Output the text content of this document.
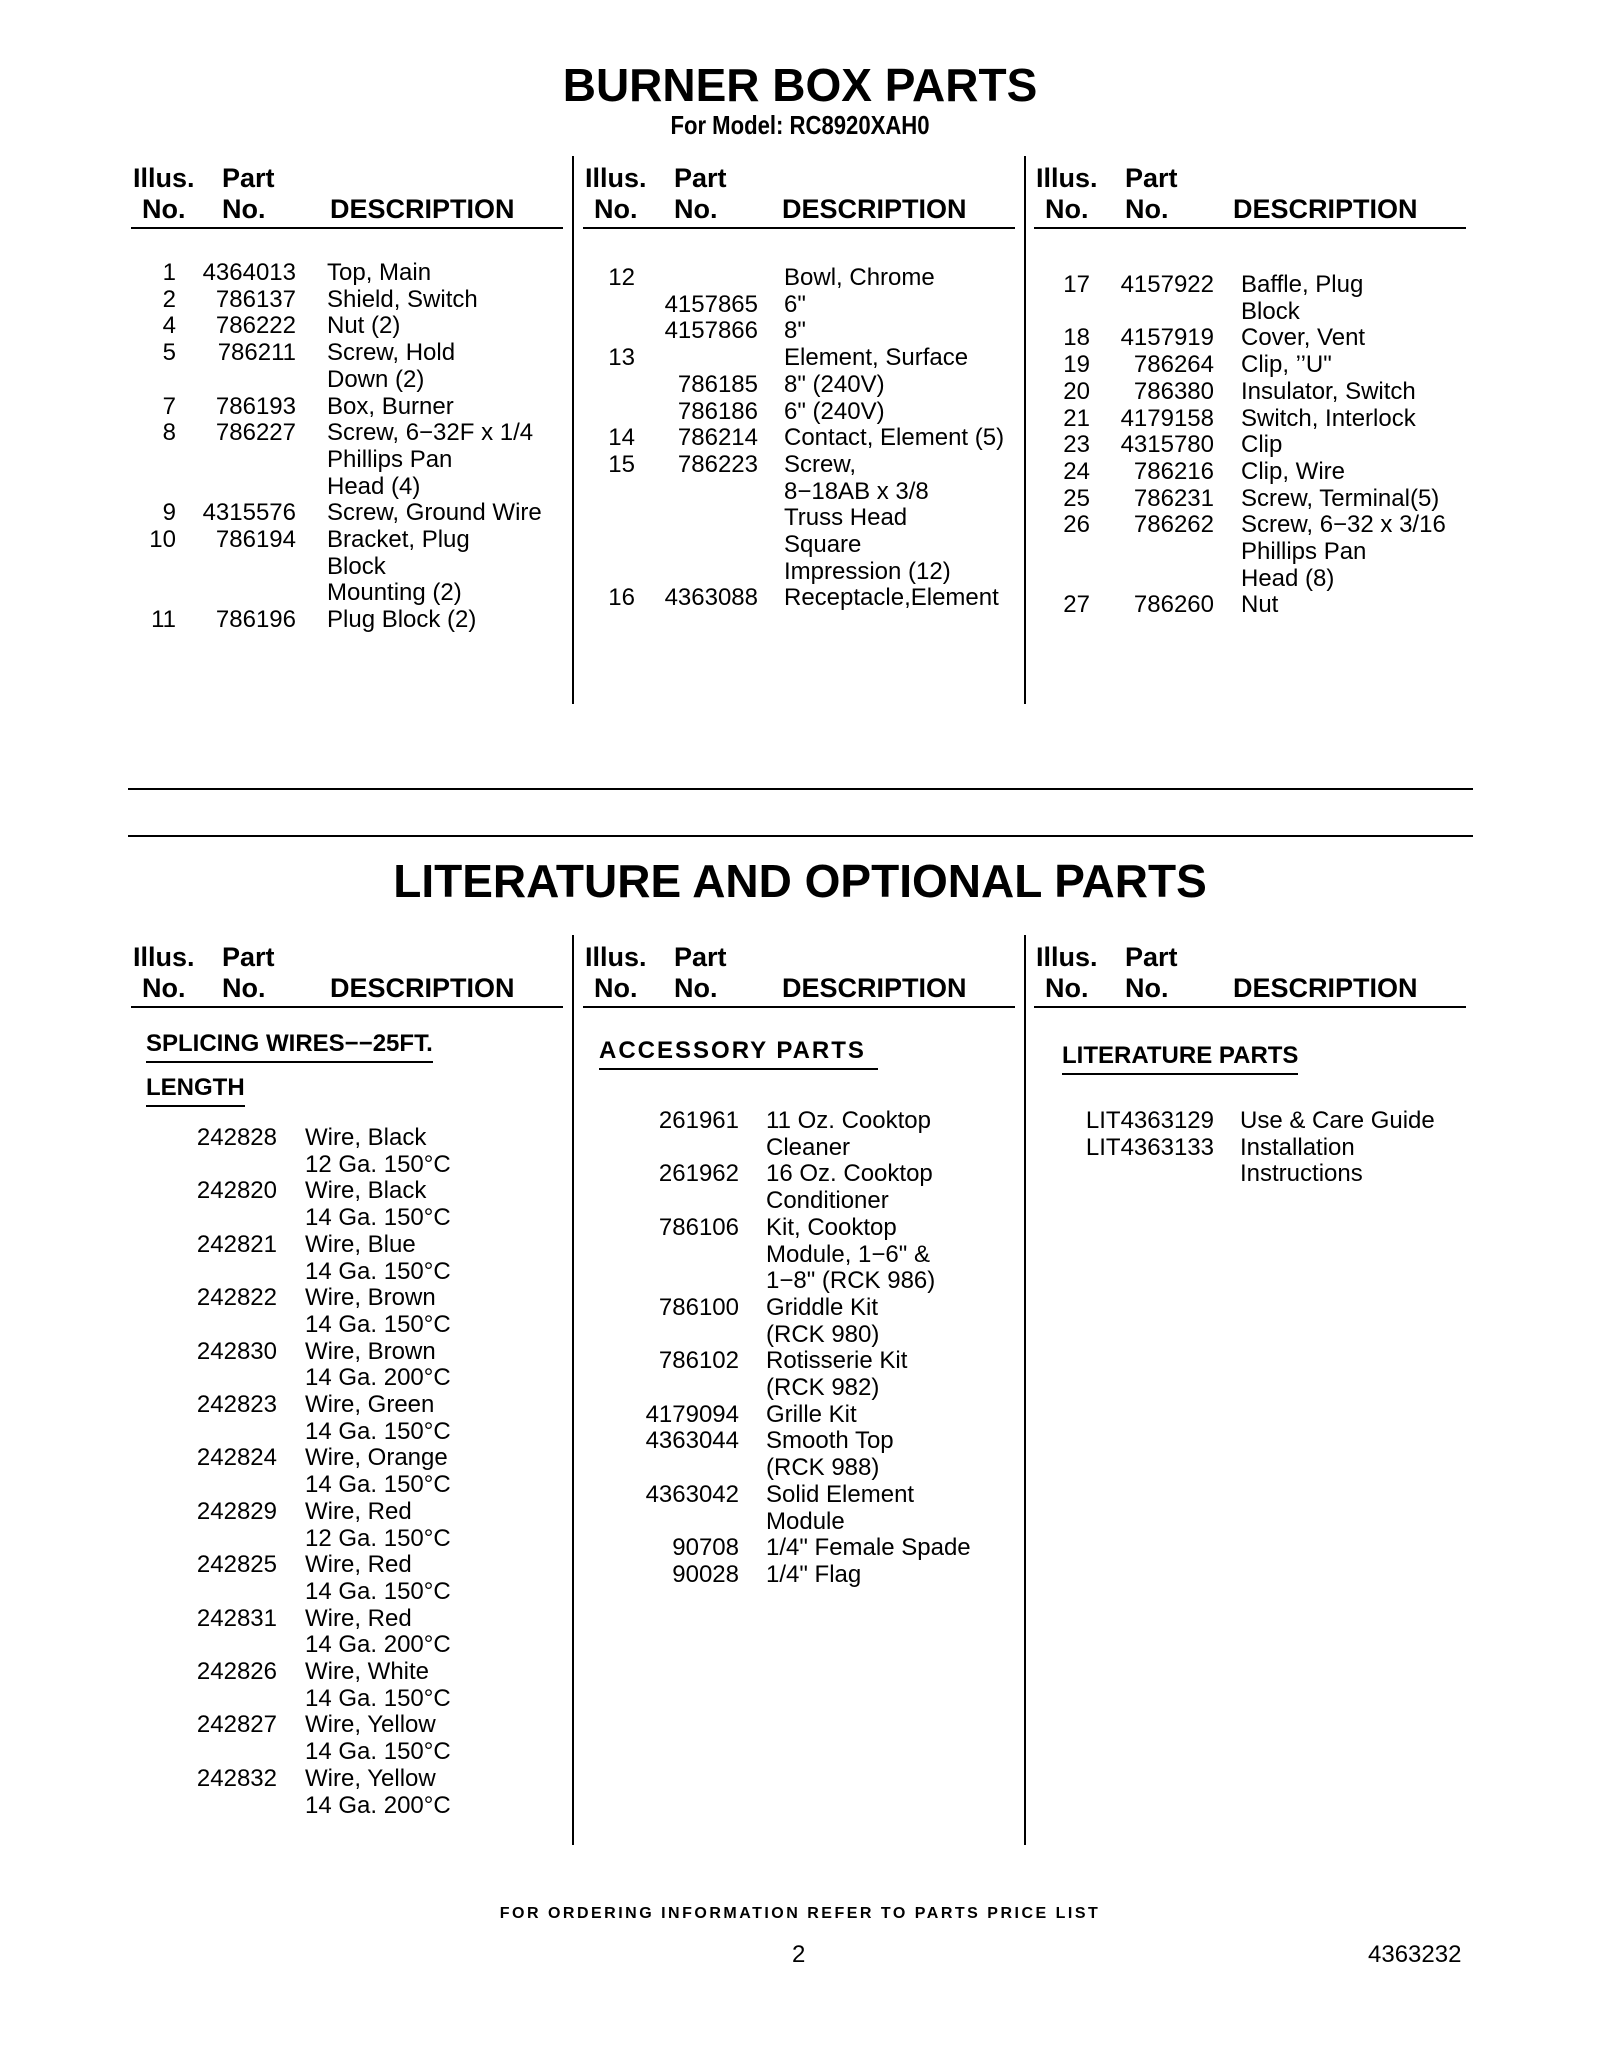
BURNER BOX PARTS
For Model: RC8920XAH0
Illus. Part
No. No. DESCRIPTION
Illus. Part
No. No. DESCRIPTION
Illus. Part
No. No. DESCRIPTION
1 4364013 Top, Main
2 786137 Shield, Switch
4 786222 Nut (2)
5 786211 Screw, Hold
Down (2)
7 786193 Box, Burner
8 786227 Screw, 6−32F x 1/4
Phillips Pan
Head (4)
9 4315576 Screw, Ground Wire
10 786194 Bracket, Plug
Block
Mounting (2)
11 786196 Plug Block (2)
12	Bowl, Chrome
4157865 6"
4157866 8"
13	Element, Surface
786185 8" (240V)
786186 6" (240V)
14 786214 Contact, Element (5)
15 786223 Screw,
8−18AB x 3/8
Truss Head
Square
Impression (12)
16 4363088 Receptacle,Element
17 4157922 Baffle, Plug
Block
18 4157919 Cover, Vent
19 786264 Clip, ’’U"
20 786380 Insulator, Switch
21 4179158 Switch, Interlock
23 4315780 Clip
24 786216 Clip, Wire
25 786231 Screw, Terminal(5)
26 786262 Screw, 6−32 x 3/16
Phillips Pan
Head (8)
27 786260 Nut
LITERATURE AND OPTIONAL PARTS
Illus. Part
No. No. DESCRIPTION
Illus. Part
No. No. DESCRIPTION
Illus. Part
No. No. DESCRIPTION
SPLICING WIRES−−25FT.
LENGTH
ACCESSORY PARTS	LITERATURE PARTS
242828 Wire, Black
12 Ga. 150°C
242820 Wire, Black
14 Ga. 150°C
242821 Wire, Blue
14 Ga. 150°C
242822 Wire, Brown
14 Ga. 150°C
242830 Wire, Brown
14 Ga. 200°C
242823 Wire, Green
14 Ga. 150°C
242824 Wire, Orange
14 Ga. 150°C
242829 Wire, Red
12 Ga. 150°C
242825 Wire, Red
14 Ga. 150°C
242831 Wire, Red
14 Ga. 200°C
242826 Wire, White
14 Ga. 150°C
242827 Wire, Yellow
14 Ga. 150°C
242832 Wire, Yellow
14 Ga. 200°C
261961 11 Oz. Cooktop
Cleaner
261962 16 Oz. Cooktop
Conditioner
786106 Kit, Cooktop
Module, 1−6" &
1−8" (RCK 986)
786100 Griddle Kit
(RCK 980)
786102 Rotisserie Kit
(RCK 982)
4179094 Grille Kit
4363044 Smooth Top
(RCK 988)
4363042 Solid Element
Module
90708 1/4" Female Spade
90028 1/4" Flag
LIT4363129 Use & Care Guide
LIT4363133 Installation
Instructions
FOR ORDERING INFORMATION REFER TO PARTS PRICE LIST
2	4363232
